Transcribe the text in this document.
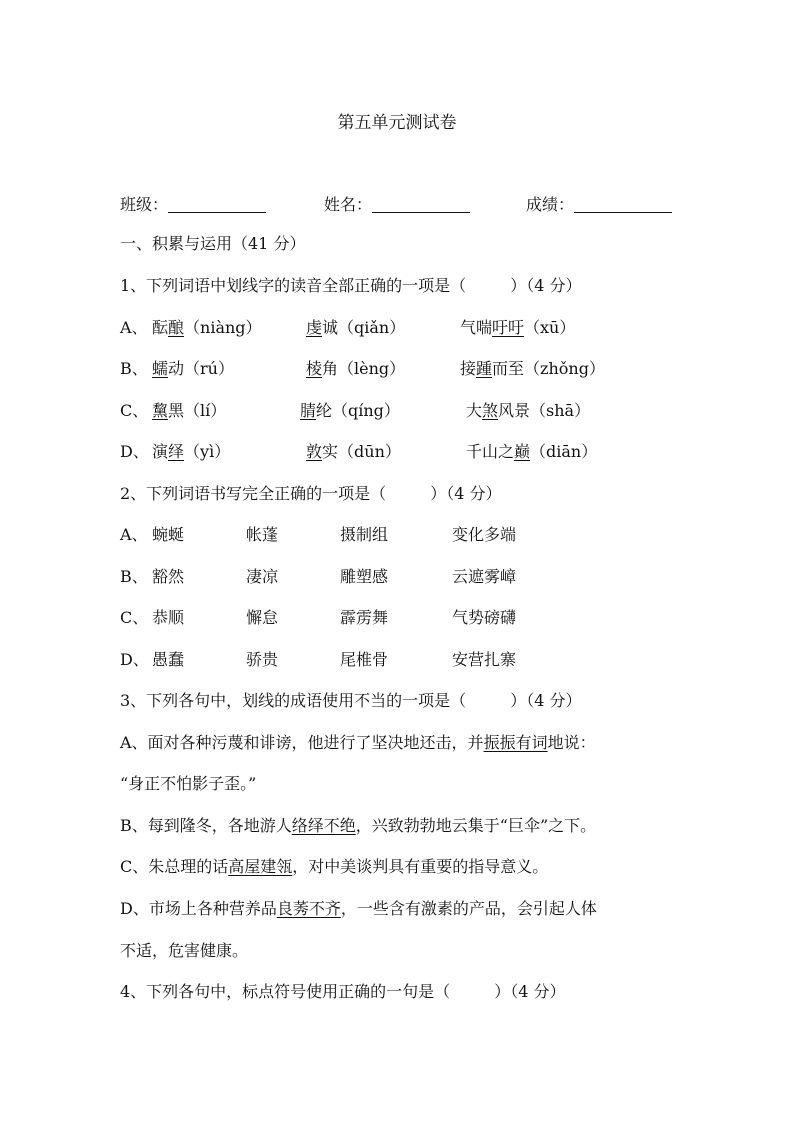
第五单元测试卷
班级：	姓名：	成绩：
一、积累与运用（41 分）
1、下列词语中划线字的读音全部正确的一项是（	）（4 分）
A、 酝酿（niàng）	虔诚（qiǎn）	气喘吁吁（xū）
B、 蠕动（rú）	棱角（lèng）	接踵而至（zhǒng）
C、 黧黑（lí）	腈纶（qíng）	大煞风景（shā）
D、 演绎（yì）	敦实（dūn）	千山之巅（diān）
2、下列词语书写完全正确的一项是（	）（4 分）
A、 蜿蜒	帐蓬	摄制组	变化多端
B、 豁然	凄凉	雕塑感	云遮雾嶂
C、 恭顺	懈怠	霹雳舞	气势磅礴
D、 愚蠢	骄贵	尾椎骨	安营扎寨
3、下列各句中，划线的成语使用不当的一项是（	）（4 分）
A、面对各种污蔑和诽谤，他进行了坚决地还击，并振振有词地说：
“身正不怕影子歪。”
B、每到隆冬，各地游人络绎不绝，兴致勃勃地云集于“巨伞”之下。
C、朱总理的话高屋建瓴，对中美谈判具有重要的指导意义。
D、市场上各种营养品良莠不齐，一些含有激素的产品，会引起人体
不适，危害健康。
4、下列各句中，标点符号使用正确的一句是（	）（4 分）
